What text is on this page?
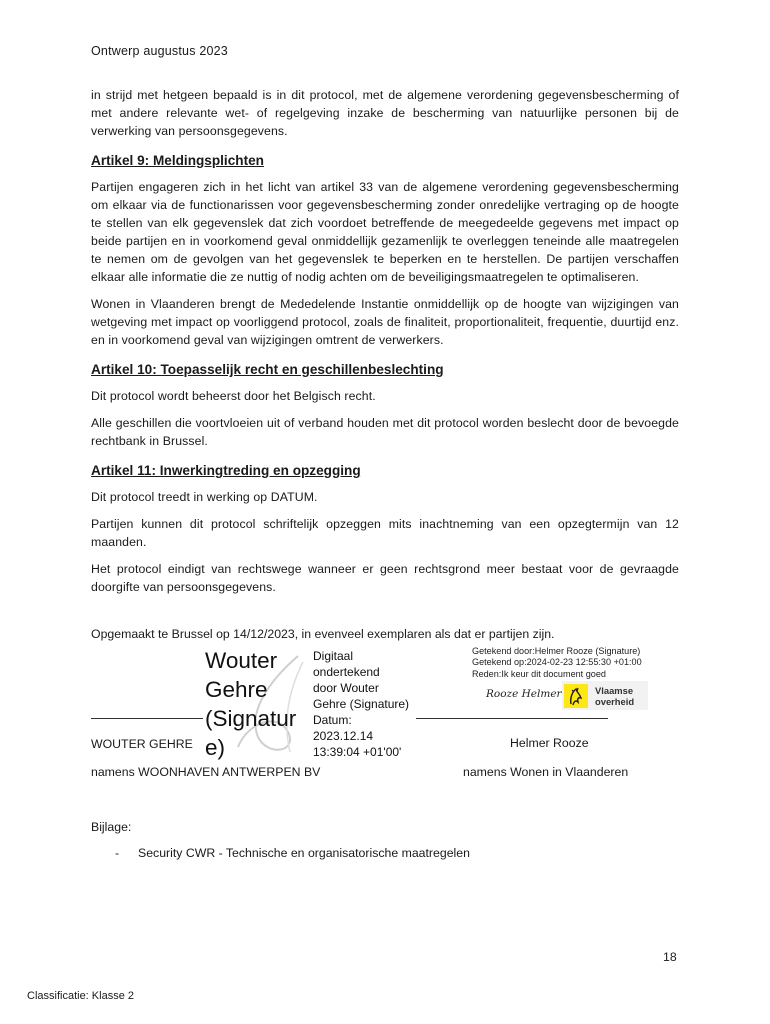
Ontwerp augustus 2023

in strijd met hetgeen bepaald is in dit protocol, met de algemene verordening gegevensbescherming of met andere relevante wet- of regelgeving inzake de bescherming van natuurlijke personen bij de verwerking van persoonsgegevens.

Artikel 9: Meldingsplichten

Partijen engageren zich in het licht van artikel 33 van de algemene verordening gegevensbescherming om elkaar via de functionarissen voor gegevensbescherming zonder onredelijke vertraging op de hoogte te stellen van elk gegevenslek dat zich voordoet betreffende de meegedeelde gegevens met impact op beide partijen en in voorkomend geval onmiddellijk gezamenlijk te overleggen teneinde alle maatregelen te nemen om de gevolgen van het gegevenslek te beperken en te herstellen. De partijen verschaffen elkaar alle informatie die ze nuttig of nodig achten om de beveiligingsmaatregelen te optimaliseren.

Wonen in Vlaanderen brengt de Mededelende Instantie onmiddellijk op de hoogte van wijzigingen van wetgeving met impact op voorliggend protocol, zoals de finaliteit, proportionaliteit, frequentie, duurtijd enz. en in voorkomend geval van wijzigingen omtrent de verwerkers.

Artikel 10: Toepasselijk recht en geschillenbeslechting

Dit protocol wordt beheerst door het Belgisch recht.

Alle geschillen die voortvloeien uit of verband houden met dit protocol worden beslecht door de bevoegde rechtbank in Brussel.

Artikel 11: Inwerkingtreding en opzegging

Dit protocol treedt in werking op DATUM.

Partijen kunnen dit protocol schriftelijk opzeggen mits inachtneming van een opzegtermijn van 12 maanden.

Het protocol eindigt van rechtswege wanneer er geen rechtsgrond meer bestaat voor de gevraagde doorgifte van persoonsgegevens.

Opgemaakt te Brussel op 14/12/2023, in evenveel exemplaren als dat er partijen zijn.
Wouter
Gehre
(Signatur
e)
Digitaal
ondertekend
door Wouter
Gehre (Signature)
Datum:
2023.12.14
13:39:04 +01'00'
Getekend door:Helmer Rooze (Signature)
Getekend op:2024-02-23 12:55:30 +01:00
Reden:Ik keur dit document goed
Rooze Helmer	Vlaamse
overheid
WOUTER GEHRE	Helmer Rooze
namens WOONHAVEN ANTWERPEN BV	namens Wonen in Vlaanderen
Bijlage:
- Security CWR - Technische en organisatorische maatregelen
18
Classificatie: Klasse 2
